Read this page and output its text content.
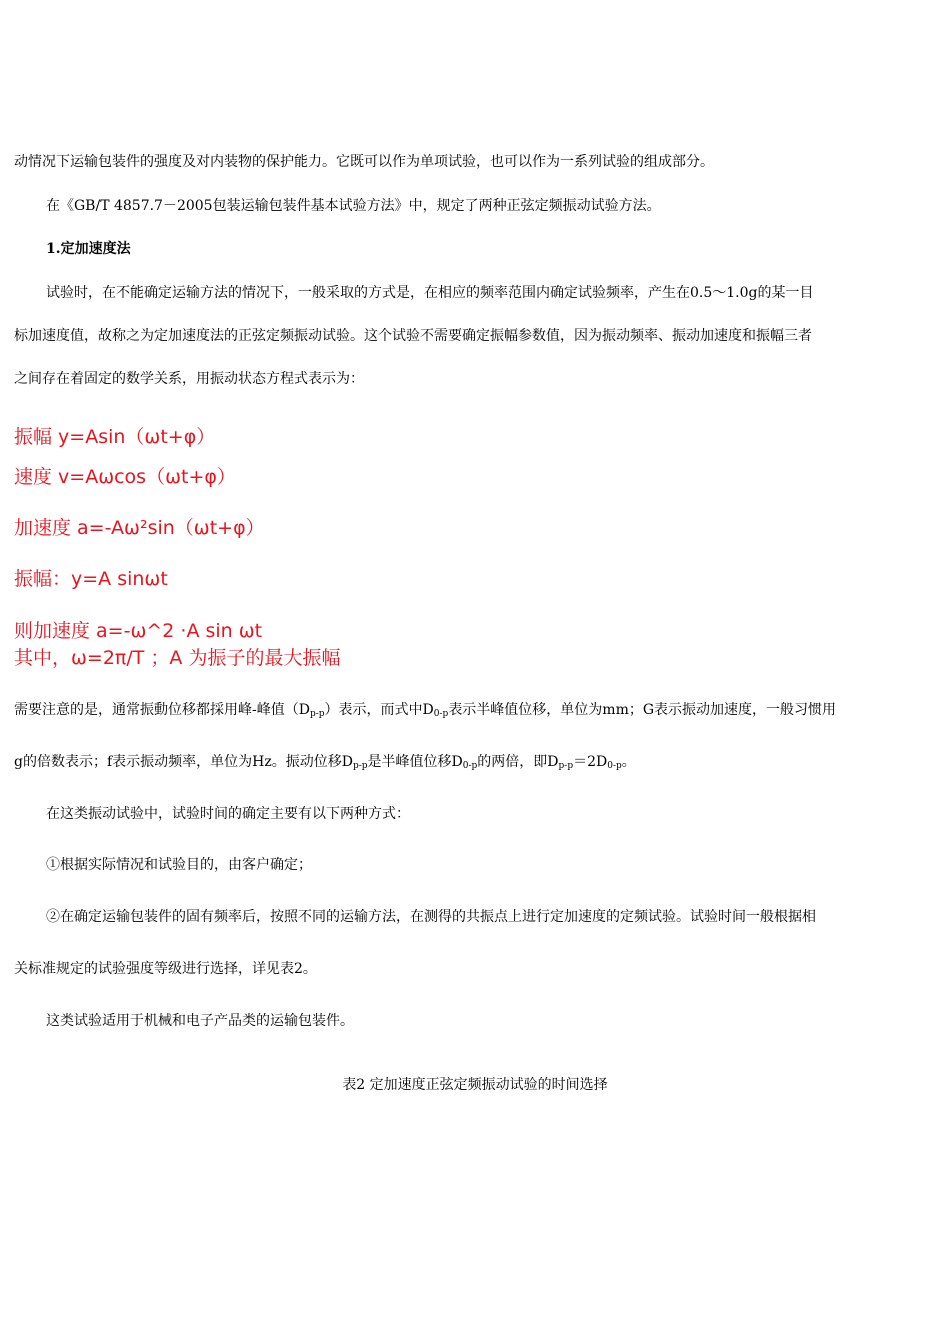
动情况下运输包装件的强度及对内装物的保护能力。它既可以作为单项试验，也可以作为一系列试验的组成部分。
在《GB/T 4857.7－2005包装运输包装件基本试验方法》中，规定了两种正弦定频振动试验方法。
1.定加速度法
试验时，在不能确定运输方法的情况下，一般采取的方式是，在相应的频率范围内确定试验频率，产生在0.5～1.0g的某一目
标加速度值，故称之为定加速度法的正弦定频振动试验。这个试验不需要确定振幅参数值，因为振动频率、振动加速度和振幅三者
之间存在着固定的数学关系，用振动状态方程式表示为：
振幅 y=Asin（ωt+φ）
速度 v=Aωcos（ωt+φ）
加速度 a=-Aω²sin（ωt+φ）
振幅：y=A sinωt
则加速度 a=-ω^2 ·A sin ωt
其中，ω=2π/T ；A 为振子的最大振幅
需要注意的是，通常振動位移都採用峰-峰值$(D_{p-p})$表示，而式中$D_{0-p}$表示半峰值位移，单位为mm；G表示振动加速度，一般习惯用
g的倍数表示；f表示振动频率，单位为Hz。振动位移$D_{p-p}$是半峰值位移$D_{0-p}$的两倍，即$D_{p-p}=2D_{0-p}$。
在这类振动试验中，试验时间的确定主要有以下两种方式：
①根据实际情况和试验目的，由客户确定；
②在确定运输包装件的固有频率后，按照不同的运输方法，在测得的共振点上进行定加速度的定频试验。试验时间一般根据相
关标准规定的试验强度等级进行选择，详见表2。
这类试验适用于机械和电子产品类的运输包装件。
表2 定加速度正弦定频振动试验的时间选择
